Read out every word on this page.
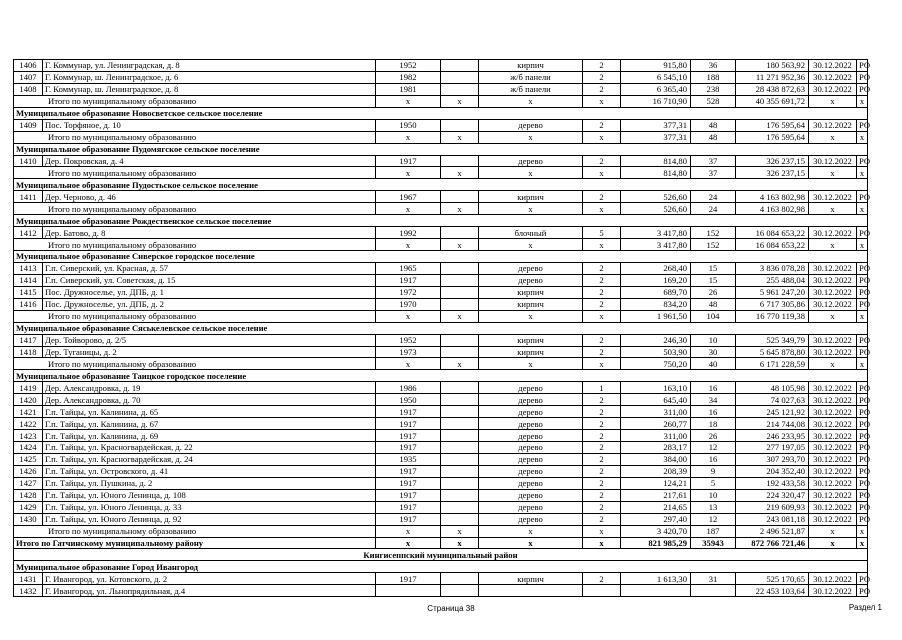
1406	Г. Коммунар, ул. Ленинградская, д. 8	1952		кирпич	2	915,80	36	180 563,92	30.12.2022	РО
1407	Г. Коммунар, ш. Ленинградское, д. 6	1982		ж/б панели	2	6 545,10	188	11 271 952,36	30.12.2022	РО
1408	Г. Коммунар, ш. Ленинградское, д. 8	1981		ж/б панели	2	6 365,40	238	28 438 872,63	30.12.2022	РО
Итого по муниципальному образованию		х	х	х	х	16 710,90	528	40 355 691,72	х	х
Муниципальное образование Новосветское сельское поселение										
1409	Пос. Торфяное, д. 10	1950		дерево	2	377,31	48	176 595,64	30.12.2022	РО
Итого по муниципальному образованию		х	х	х	х	377,31	48	176 595,64	х	х
Муниципальное образование Пудомягское сельское поселение										
1410	Дер. Покровская, д. 4	1917		дерево	2	814,80	37	326 237,15	30.12.2022	РО
Итого по муниципальному образованию		х	х	х	х	814,80	37	326 237,15	х	х
Муниципальное образование Пудостьское сельское поселение										
1411	Дер. Черново, д. 46	1967		кирпич	2	526,60	24	4 163 802,98	30.12.2022	РО
Итого по муниципальному образованию		х	х	х	х	526,60	24	4 163 802,98	х	х
Муниципальное образование Рождественское сельское поселение										
1412	Дер. Батово, д. 8	1992		блочный	5	3 417,80	152	16 084 653,22	30.12.2022	РО
Итого по муниципальному образованию		х	х	х	х	3 417,80	152	16 084 653,22	х	х
Муниципальное образование Сиверское городское поселение										
1413	Г.п. Сиверский, ул. Красная, д. 57	1965		дерево	2	268,40	15	3 836 078,28	30.12.2022	РО
1414	Г.п. Сиверский, ул. Советская, д. 15	1917		дерево	2	169,20	15	255 488,04	30.12.2022	РО
1415	Пос. Дружноселье, ул. ДПБ, д. 1	1972		кирпич	2	689,70	26	5 961 247,20	30.12.2022	РО
1416	Пос. Дружноселье, ул. ДПБ, д. 2	1970		кирпич	2	834,20	48	6 717 305,86	30.12.2022	РО
Итого по муниципальному образованию		х	х	х	х	1 961,50	104	16 770 119,38	х	х
Муниципальное образование Сяськелевское сельское поселение										
1417	Дер. Тойворово, д. 2/5	1952		кирпич	2	246,30	10	525 349,79	30.12.2022	РО
1418	Дер. Туганицы, д. 2	1973		кирпич	2	503,90	30	5 645 878,80	30.12.2022	РО
Итого по муниципальному образованию		х	х	х	х	750,20	40	6 171 228,59	х	х
Муниципальное образование Таицкое городское поселение										
1419	Дер. Александровка, д. 19	1986		дерево	1	163,10	16	48 105,98	30.12.2022	РО
1420	Дер. Александровка, д. 70	1950		дерево	2	645,40	34	74 027,63	30.12.2022	РО
1421	Г.п. Тайцы, ул. Калинина, д. 65	1917		дерево	2	311,00	16	245 121,92	30.12.2022	РО
1422	Г.п. Тайцы, ул. Калинина, д. 67	1917		дерево	2	260,77	18	214 744,08	30.12.2022	РО
1423	Г.п. Тайцы, ул. Калинина, д. 69	1917		дерево	2	311,00	26	246 233,95	30.12.2022	РО
1424	Г.п. Тайцы, ул. Красногвардейская, д. 22	1917		дерево	2	283,17	12	277 197,05	30.12.2022	РО
1425	Г.п. Тайцы, ул. Красногвардейская, д. 24	1935		дерево	2	384,00	16	307 293,70	30.12.2022	РО
1426	Г.п. Тайцы, ул. Островского, д. 41	1917		дерево	2	208,39	9	204 352,40	30.12.2022	РО
1427	Г.п. Тайцы, ул. Пушкина, д. 2	1917		дерево	2	124,21	5	192 433,58	30.12.2022	РО
1428	Г.п. Тайцы, ул. Юного Ленинца, д. 108	1917		дерево	2	217,61	10	224 320,47	30.12.2022	РО
1429	Г.п. Тайцы, ул. Юного Ленинца, д. 33	1917		дерево	2	214,65	13	219 609,93	30.12.2022	РО
1430	Г.п. Тайцы, ул. Юного Ленинца, д. 92	1917		дерево	2	297,40	12	243 081,18	30.12.2022	РО
Итого по муниципальному образованию		х	х	х	х	3 420,70	187	2 496 521,87	х	х
Итого по Гатчинскому муниципальному району		х	х	х	х	821 985,29	35943	872 766 721,46	х	х
Кингисеппский муниципальный район										
Муниципальное образование Город Ивангород										
1431	Г. Ивангород, ул. Котовского, д. 2	1917		кирпич	2	1 613,30	31	525 170,65	30.12.2022	РО
1432	Г. Ивангород, ул. Льнопрядильная, д.4							22 453 103,64	30.12.2022	РО
Страница 38	Раздел 1
